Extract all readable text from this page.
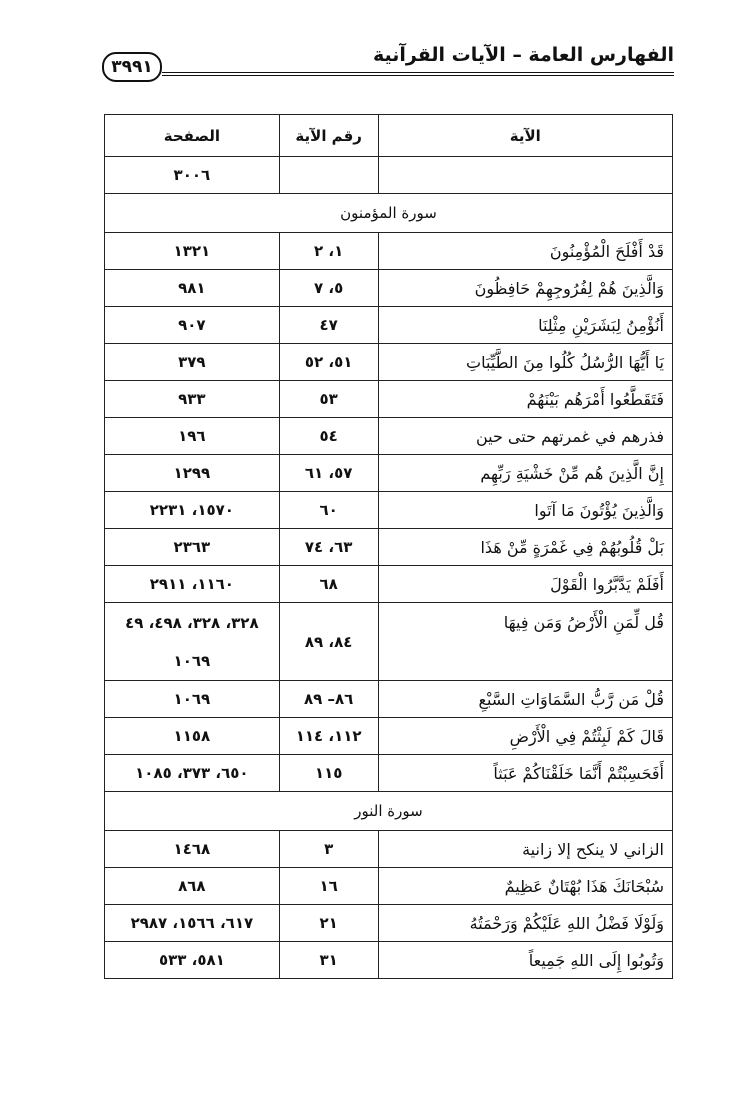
الفهارس العامة – الآيات القرآنية
٣٩٩١
الآية	رقم الآية	الصفحة
		٣٠٠٦
سورة المؤمنون		
قَدْ أَفْلَحَ الْمُؤْمِنُونَ	١، ٢	١٣٢١
وَالَّذِينَ هُمْ لِفُرُوجِهِمْ حَافِظُونَ	٥، ٧	٩٨١
أَنُؤْمِنُ لِبَشَرَيْنِ مِثْلِنَا	٤٧	٩٠٧
يَا أَيُّهَا الرُّسُلُ كُلُوا مِنَ الطَّيِّبَاتِ	٥١، ٥٢	٣٧٩
فَتَقَطَّعُوا أَمْرَهُم بَيْنَهُمْ	٥٣	٩٣٣
فذرهم في غمرتهم حتى حين	٥٤	١٩٦
إِنَّ الَّذِينَ هُم مِّنْ خَشْيَةِ رَبِّهِم	٥٧، ٦١	١٢٩٩
وَالَّذِينَ يُؤْتُونَ مَا آتَوا	٦٠	١٥٧٠، ٢٢٣١
بَلْ قُلُوبُهُمْ فِي غَمْرَةٍ مِّنْ هَذَا	٦٣، ٧٤	٢٣٦٣
أَفَلَمْ يَدَّبَّرُوا الْقَوْلَ	٦٨	١١٦٠، ٢٩١١
قُل لِّمَنِ الْأَرْضُ وَمَن فِيهَا	٨٤، ٨٩	٣٢٨، ٣٢٨، ٤٩٨، ٤٩
١٠٦٩

قُلْ مَن رَّبُّ السَّمَاوَاتِ السَّبْعِ	٨٦– ٨٩	١٠٦٩
قَالَ كَمْ لَبِثْتُمْ فِي الْأَرْضِ	١١٢، ١١٤	١١٥٨
أَفَحَسِبْتُمْ أَنَّمَا خَلَقْنَاكُمْ عَبَثاً	١١٥	٦٥٠، ٣٧٣، ١٠٨٥
سورة النور		
الزاني لا ينكح إلا زانية	٣	١٤٦٨
سُبْحَانَكَ هَذَا بُهْتَانٌ عَظِيمٌ	١٦	٨٦٨
وَلَوْلَا فَضْلُ اللهِ عَلَيْكُمْ وَرَحْمَتُهُ	٢١	٦١٧، ١٥٦٦، ٢٩٨٧
وَتُوبُوا إِلَى اللهِ جَمِيعاً	٣١	٥٨١، ٥٣٣
